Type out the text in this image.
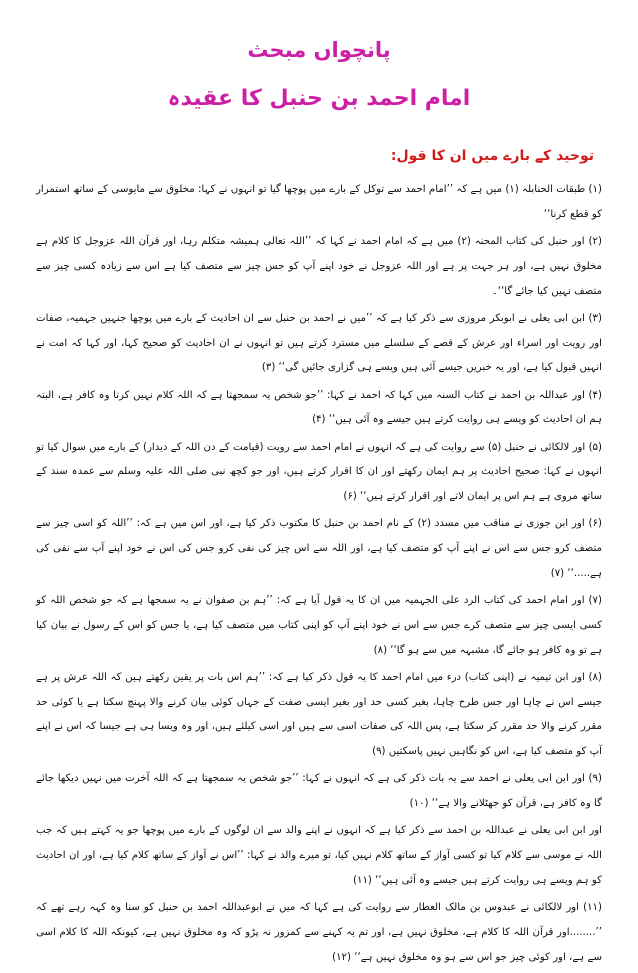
پانچواں مبحث
امام احمد بن حنبل کا عقیدہ
توحید کے بارے میں ان کا قول:

(۱) طبقات الحنابلہ (۱) میں ہے کہ ’’امام احمد سے توکل کے بارے میں پوچھا گیا تو انہوں نے کہا: مخلوق سے مایوسی کے ساتھ استمرار کو قطع کرنا‘‘

(۲) اور حنبل کی کتاب المحنہ (۲) میں ہے کہ امام احمد نے کہا کہ ’’اللہ تعالی ہمیشہ متکلم رہا، اور قرآن اللہ عزوجل کا کلام ہے مخلوق نہیں ہے، اور ہر جہت پر ہے اور اللہ عزوجل نے خود اپنے آپ کو جس چیز سے متصف کیا ہے اس سے زیادہ کسی چیز سے متصف نہیں کیا جائے گا‘‘۔

(۳) ابن ابی یعلی نے ابوبکر مروزی سے ذکر کیا ہے کہ ’’میں نے احمد بن حنبل سے ان احادیث کے بارے میں پوچھا جنہیں جہمیہ، صفات اور رویت اور اسراء اور عرش کے قصے کے سلسلے میں مسترد کرتے ہیں تو انہوں نے ان احادیث کو صحیح کہا، اور کہا کہ امت نے انہیں قبول کیا ہے، اور یہ خبریں جیسے آئی ہیں ویسے ہی گزاری جائیں گی‘‘ (۳)

(۴) اور عبداللہ بن احمد نے کتاب السنہ میں کہا کہ احمد نے کہا: ’’جو شخص یہ سمجھتا ہے کہ اللہ کلام نہیں کرتا وہ کافر ہے، البتہ ہم ان احادیث کو ویسے ہی روایت کرتے ہیں جیسے وہ آئی ہیں‘‘ (۴)

(۵) اور لالکائی نے حنبل (۵) سے روایت کی ہے کہ انہوں نے امام احمد سے رویت (قیامت کے دن اللہ کے دیدار) کے بارے میں سوال کیا تو انہوں نے کہا: صحیح احادیث پر ہم ایمان رکھتے اور ان کا اقرار کرتے ہیں، اور جو کچھ نبی صلی اللہ علیہ وسلم سے عمدہ سند کے ساتھ مروی ہے ہم اس پر ایمان لاتے اور اقرار کرتے ہیں‘‘ (۶)

(۶) اور ابن جوزی نے مناقب میں مسدد (۲) کے نام احمد بن حنبل کا مکتوب ذکر کیا ہے، اور اس میں ہے کہ: ’’اللہ کو اسی چیز سے متصف کرو جس سے اس نے اپنے آپ کو متصف کیا ہے، اور اللہ سے اس چیز کی نفی کرو جس کی اس نے خود اپنے آپ سے نفی کی ہے.....‘‘ (۷)

(۷) اور امام احمد کی کتاب الرد علی الجہمیہ میں ان کا یہ قول آیا ہے کہ: ’’ہم بن صفوان نے یہ سمجھا ہے کہ جو شخص اللہ کو کسی ایسی چیز سے متصف کرے جس سے اس نے خود اپنے آپ کو اپنی کتاب میں متصف کیا ہے، یا جس کو اس کے رسول نے بیان کیا ہے تو وہ کافر ہو جائے گا، مشبہہ میں سے ہو گا‘‘ (۸)

(۸) اور ابن تیمیہ نے (اپنی کتاب) درء میں امام احمد کا یہ قول ذکر کیا ہے کہ: ’’ہم اس بات پر یقین رکھتے ہیں کہ اللہ عرش پر ہے جیسے اس نے چاہا اور جس طرح چاہا، بغیر کسی حد اور بغیر ایسی صفت کے جہاں کوئی بیان کرنے والا پہنچ سکتا ہے یا کوئی حد مقرر کرنے والا حد مقرر کر سکتا ہے، پس اللہ کی صفات اسی سے ہیں اور اسی کیلئے ہیں، اور وہ ویسا ہی ہے جیسا کہ اس نے اپنے آپ کو متصف کیا ہے، اس کو نگاہیں نہیں پاسکتیں (۹)

(۹) اور ابن ابی یعلی نے احمد سے یہ بات ذکر کی ہے کہ انہوں نے کہا: ’’جو شخص یہ سمجھتا ہے کہ اللہ آخرت میں نہیں دیکھا جائے گا وہ کافر ہے، قرآن کو جھٹلانے والا ہے‘‘ (۱۰)

اور ابن ابی یعلی نے عبداللہ بن احمد سے ذکر کیا ہے کہ انہوں نے اپنے والد سے ان لوگوں کے بارے میں پوچھا جو یہ کہتے ہیں کہ جب اللہ نے موسی سے کلام کیا تو کسی آواز کے ساتھ کلام نہیں کیا، تو میرے والد نے کہا: ’’اس نے آواز کے ساتھ کلام کیا ہے، اور ان احادیث کو ہم ویسے ہی روایت کرتے ہیں جیسے وہ آئی ہیں‘‘ (۱۱)

(۱۱) اور لالکائی نے عبدوس بن مالک العطار سے روایت کی ہے کہا کہ میں نے ابوعبداللہ احمد بن حنبل کو سنا وہ کہہ رہے تھے کہ ’’........اور قرآن اللہ کا کلام ہے، مخلوق نہیں ہے، اور تم یہ کہنے سے کمزور نہ پڑو کہ وہ مخلوق نہیں ہے، کیونکہ اللہ کا کلام اسی سے ہے، اور کوئی چیز جو اس سے ہو وہ مخلوق نہیں ہے‘‘ (۱۲)
